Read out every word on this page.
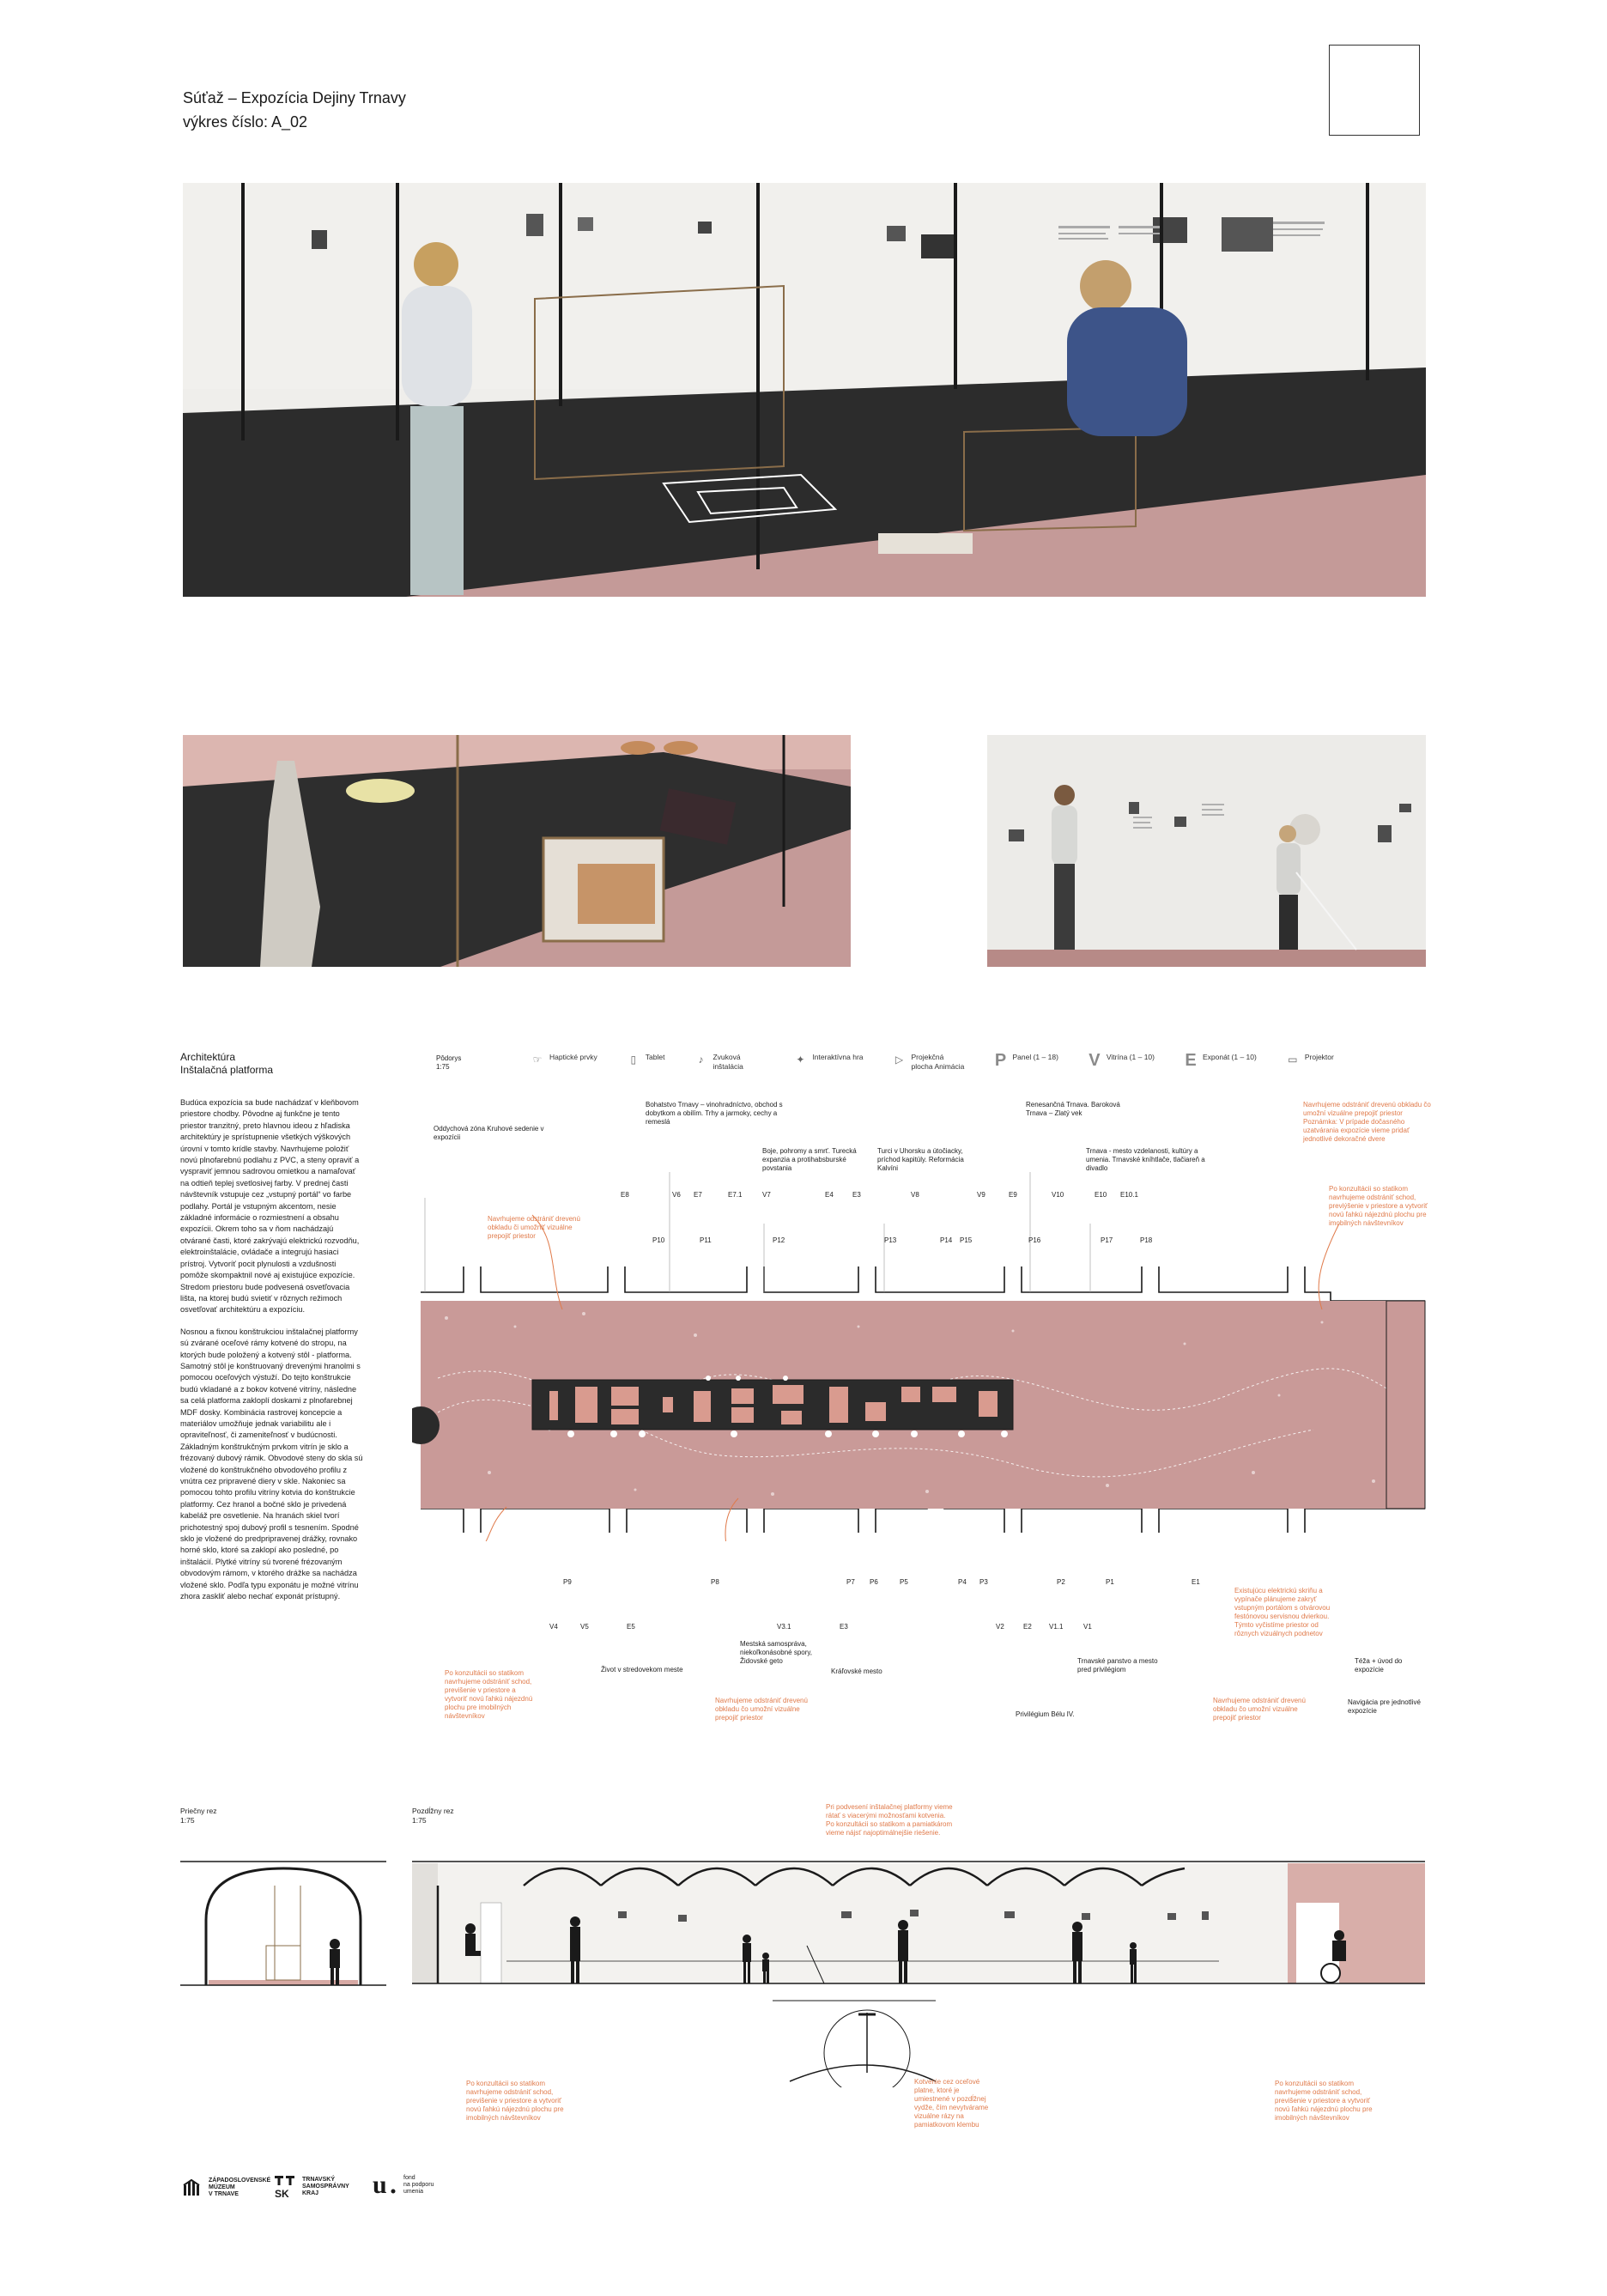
Súťaž – Expozícia Dejiny Trnavy
výkres číslo: A_02
Architektúra
Inštalačná platforma

Budúca expozícia sa bude nachádzať v kleňbovom priestore chodby. Pôvodne aj funkčne je tento priestor tranzitný, preto hlavnou ideou z hľadiska architektúry je sprístupnenie všetkých výškových úrovní v tomto krídle stavby. Navrhujeme položiť novú plnofarebnú podlahu z PVC, a steny opraviť a vyspraviť jemnou sadrovou omietkou a namaľovať na odtieň teplej svetlosivej farby. V prednej časti návštevník vstupuje cez „vstupný portál“ vo farbe podlahy. Portál je vstupným akcentom, nesie základné informácie o rozmiestnení a obsahu expozícii. Okrem toho sa v ňom nachádzajú otvárané časti, ktoré zakrývajú elektrickú rozvodňu, elektroinštalácie, ovládače a integrujú hasiaci prístroj. Vytvoríť pocit plynulosti a vzdušnosti pomôže skompaktnil nové aj existujúce expozície. Stredom priestoru bude podvesená osvetľovacia lišta, na ktorej budú svietiť v rôznych režimoch osvetľovať architektúru a expozíciu.

Nosnou a fixnou konštrukciou inštalačnej platformy sú zvárané oceľové rámy kotvené do stropu, na ktorých bude položený a kotvený stôl - platforma. Samotný stôl je konštruovaný drevenými hranolmi s pomocou oceľových výstuží. Do tejto konštrukcie budú vkladané a z bokov kotvené vitríny, následne sa celá platforma zakloplí doskami z plnofarebnej MDF dosky. Kombinácia rastrovej koncepcie a materiálov umožňuje jednak variabilitu ale i opraviteľnosť, či zameniteľnosť v budúcnosti. Základným konštrukčným prvkom vitrín je sklo a frézovaný dubový rámik. Obvodové steny do skla sú vložené do konštrukčného obvodového profilu z vnútra cez pripravené diery v skle. Nakoniec sa pomocou tohto profilu vitríny kotvia do konštrukcie platformy. Cez hranol a bočné sklo je privedená kabeláž pre osvetlenie. Na hranách skiel tvorí prichotestný spoj dubový profil s tesnením. Spodné sklo je vložené do predpripravenej drážky, rovnako horné sklo, ktoré sa zaklopí ako posledné, po inštalácií. Plytké vitríny sú tvorené frézovaným obvodovým rámom, v ktorého drážke sa nachádza vložené sklo. Podľa typu exponátu je možné vitrínu zhora zaskliť alebo nechať exponát prístupný.

Pôdorys
1:75
☞	Haptické prvky	▯	Tablet	♪	Zvuková inštalácia
✦	Interaktívna hra	▷	Projekčná plocha Animácia P Panel (1 – 18) V Vitrína (1 – 10) E Exponát (1 – 10)	▭ Projektor
Oddychová zóna Kruhové sedenie v expozícii
Bohatstvo Trnavy – vinohradníctvo, obchod s dobytkom a obilím. Trhy a jarmoky, cechy a remeslá
Boje, pohromy a smrť. Turecká expanzia a protihabsburské povstania
Turci v Uhorsku a útočiacky, príchod kapitúly. Reformácia Kalvíni
Renesančná Trnava. Baroková Trnava – Zlatý vek
Trnava - mesto vzdelanosti, kultúry a umenia. Trnavské kníhtlače, tlačiareň a divadlo
Navrhujeme odstrániť drevenú obkladu či umožniť vizuálne prepojiť priestor
Navrhujeme odstrániť drevenú obkladu čo umožní vizuálne prepojiť priestor Poznámka: V prípade dočasného uzatvárania expozície vieme pridať jednotlivé dekoračné dvere
Po konzultácii so statikom navrhujeme odstrániť schod, previýšenie v priestore a vytvoriť novú ľahkú nájezdnú plochu pre imobilných návštevníkov
E8	V6 E7	E7.1	V7	E4	E3	V8	V9	E9	V10	E10 E10.1
P10	P11	P12	P13	P14 P15	P16	P17	P18
P9	P8	P7 P6	P5	P4 P3	P2	P1	E1
V4	V5	E5	V3.1	E3	V2	E2	V1.1	V1
Život v stredovekom meste
Mestská samospráva, niekoľkonásobné spory, Židovské geto
Kráľovské mesto
Trnavské panstvo a mesto pred privilégiom
Privilégium Bélu IV.
Téža + úvod do expozície
Navigácia pre jednotlivé expozície
Po konzultácii so statikom navrhujeme odstrániť schod, previšenie v priestore a vytvoriť novú ľahkú nájezdnú plochu pre imobilných návštevníkov
Navrhujeme odstrániť drevenú obkladu čo umožní vizuálne prepojiť priestor
Existujúcu elektrickú skriňu a vypínače plánujeme zakryť vstupným portálom s otvárovou festónovou servisnou dvierkou. Týmto vyčistíme priestor od rôznych vizuálnych podnetov
Navrhujeme odstrániť drevenú obkladu čo umožní vizuálne prepojiť priestor
Priečny rez
1:75
Pozdĺžny rez
1:75
Pri podvesení inštalačnej platformy vieme rátať s viacerými možnosťami kotvenia. Po konzultácii so statikom a pamiatkárom vieme nájsť najoptimálnejšie riešenie.
Po konzultácii so statikom navrhujeme odstrániť schod, previšenie v priestore a vytvoriť novú ľahkú nájezdnú plochu pre imobilných návštevníkov
Kotvenie cez oceľové platne, ktoré je umiestnené v pozdĺžnej vydže, čím nevytvárame vizuálne rázy na pamiatkovom klembu
Po konzultácii so statikom navrhujeme odstrániť schod, previšenie v priestore a vytvoriť novú ľahkú nájezdnú plochu pre imobilných návštevníkov
ZÁPADOSLOVENSKÉ
MÚZEUM
V TRNAVE	SK
TRNAVSKÝ
SAMOSPRÁVNY
KRAJ	u	fond
na podporu
umenia
